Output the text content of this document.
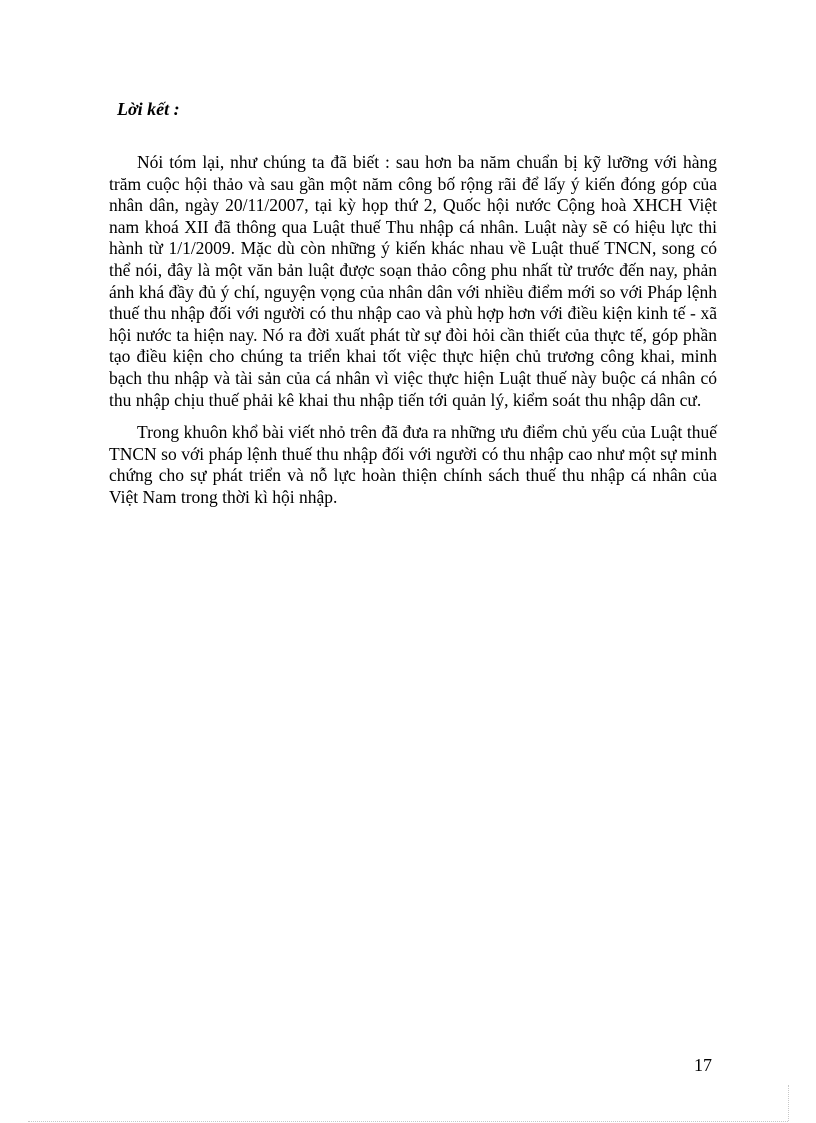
Lời kết :

Nói tóm lại, như chúng ta đã biết : sau hơn ba năm chuẩn bị kỹ lưỡng với hàng trăm cuộc hội thảo và sau gần một năm công bố rộng rãi để lấy ý kiến đóng góp của nhân dân, ngày 20/11/2007, tại kỳ họp thứ 2, Quốc hội nước Cộng hoà XHCH Việt nam khoá XII đã thông qua Luật thuế Thu nhập cá nhân. Luật này sẽ có hiệu lực thi hành từ 1/1/2009. Mặc dù còn những ý kiến khác nhau về Luật thuế TNCN, song có thể nói, đây là một văn bản luật được soạn thảo công phu nhất từ trước đến nay, phản ánh khá đầy đủ ý chí, nguyện vọng của nhân dân với nhiều điểm mới so với Pháp lệnh thuế thu nhập đối với người có thu nhập cao và phù hợp hơn với điều kiện kinh tế - xã hội nước ta hiện nay. Nó ra đời xuất phát từ sự đòi hỏi cần thiết của thực tế, góp phần tạo điều kiện cho chúng ta triển khai tốt việc thực hiện chủ trương công khai, minh bạch thu nhập và tài sản của cá nhân vì việc thực hiện Luật thuế này buộc cá nhân có thu nhập chịu thuế phải kê khai thu nhập tiến tới quản lý, kiểm soát thu nhập dân cư.

Trong khuôn khổ bài viết nhỏ trên đã đưa ra những ưu điểm chủ yếu của Luật thuế TNCN so với pháp lệnh thuế thu nhập đối với người có thu nhập cao như một sự minh chứng cho sự phát triển và nỗ lực hoàn thiện chính sách thuế thu nhập cá nhân của Việt Nam trong thời kì hội nhập.

17
